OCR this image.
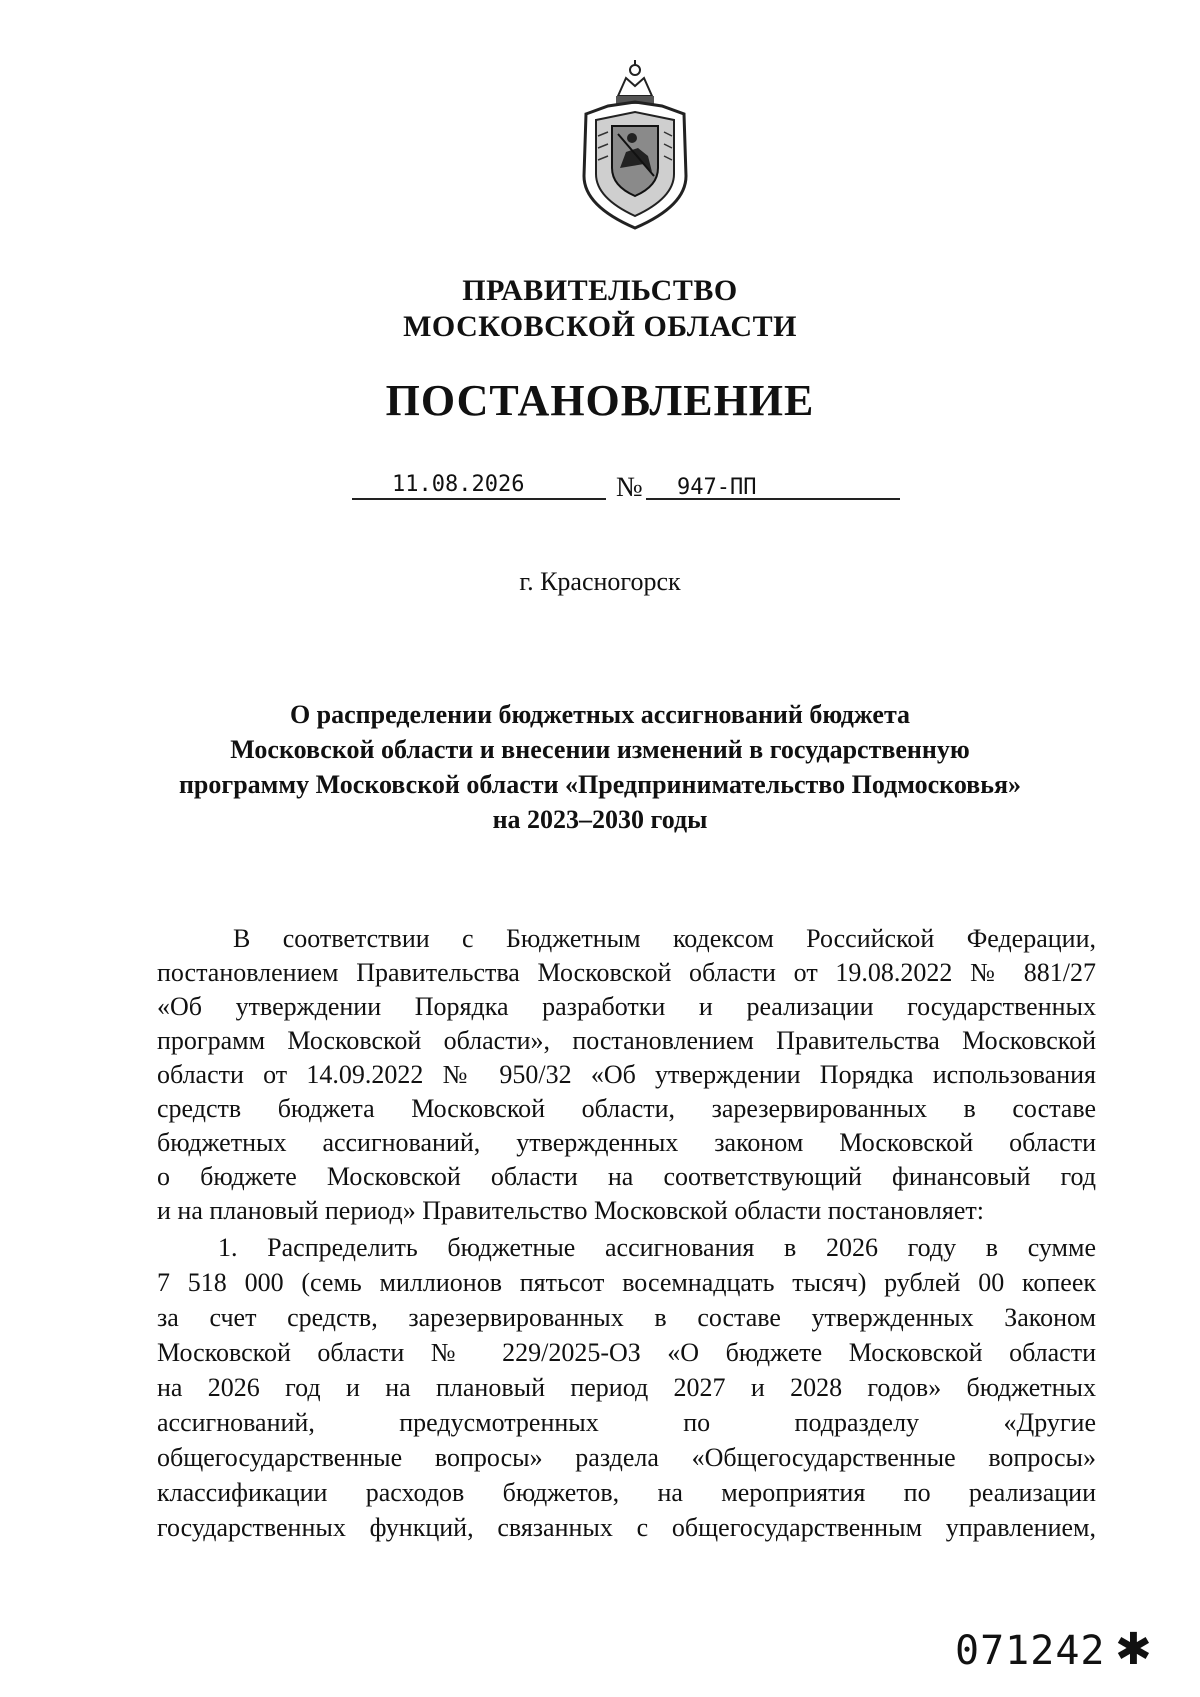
ПРАВИТЕЛЬСТВО
МОСКОВСКОЙ ОБЛАСТИ
ПОСТАНОВЛЕНИЕ
11.08.2026	№ 947-ПП
г. Красногорск
О распределении бюджетных ассигнований бюджета
Московской области и внесении изменений в государственную
программу Московской области «Предпринимательство Подмосковья»
на 2023–2030 годы
В соответствии с Бюджетным кодексом Российской Федерации,
постановлением Правительства Московской области от 19.08.2022 № 881/27
«Об утверждении Порядка разработки и реализации государственных
программ Московской области», постановлением Правительства Московской
области от 14.09.2022 № 950/32 «Об утверждении Порядка использования
средств бюджета Московской области, зарезервированных в составе
бюджетных ассигнований, утвержденных законом Московской области
о бюджете Московской области на соответствующий финансовый год
и на плановый период» Правительство Московской области постановляет:
1. Распределить бюджетные ассигнования в 2026 году в сумме
7 518 000 (семь миллионов пятьсот восемнадцать тысяч) рублей 00 копеек
за счет средств, зарезервированных в составе утвержденных Законом
Московской области № 229/2025-ОЗ «О бюджете Московской области
на 2026 год и на плановый период 2027 и 2028 годов» бюджетных
ассигнований, предусмотренных по подразделу «Другие
общегосударственные вопросы» раздела «Общегосударственные вопросы»
классификации расходов бюджетов, на мероприятия по реализации
государственных функций, связанных с общегосударственным управлением,
071242 ✱
